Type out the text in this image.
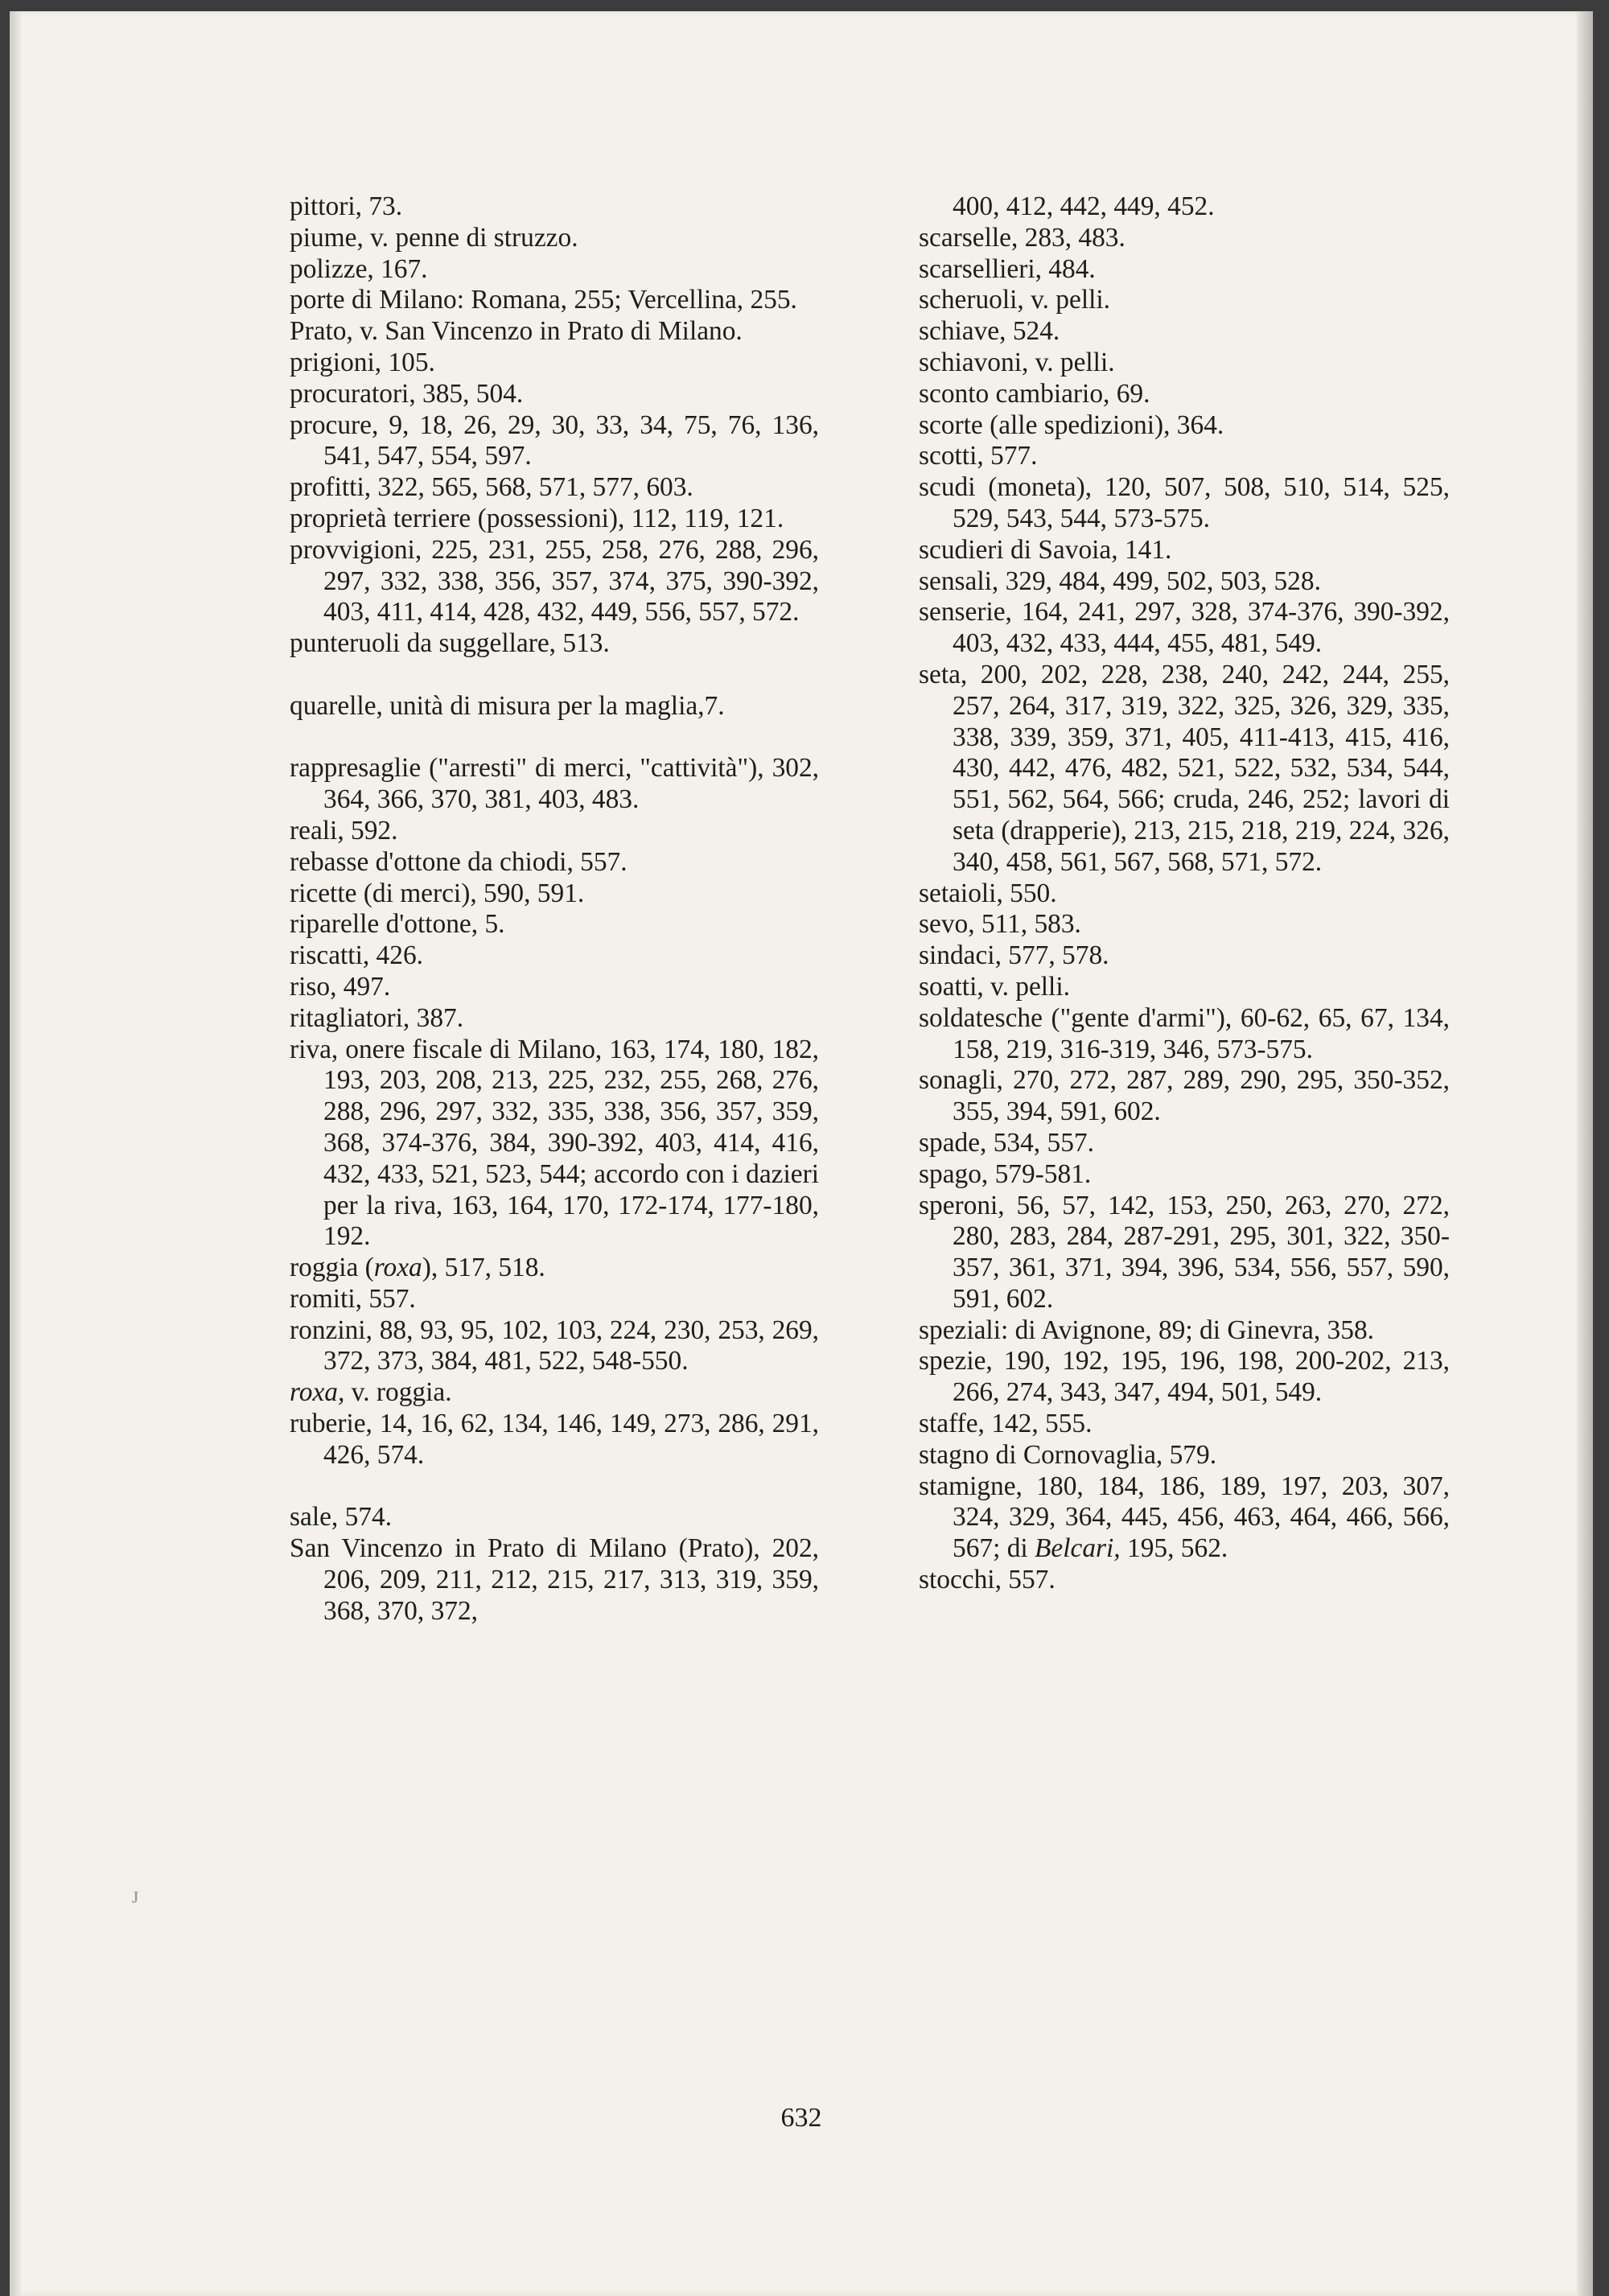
ᴊ
pittori, 73.
piume, v. penne di struzzo.
polizze, 167.
porte di Milano: Romana, 255; Vercellina, 255.
Prato, v. San Vincenzo in Prato di Milano.
prigioni, 105.
procuratori, 385, 504.
procure, 9, 18, 26, 29, 30, 33, 34, 75, 76, 136, 541, 547, 554, 597.
profitti, 322, 565, 568, 571, 577, 603.
proprietà terriere (possessioni), 112, 119, 121.
provvigioni, 225, 231, 255, 258, 276, 288, 296, 297, 332, 338, 356, 357, 374, 375, 390-392, 403, 411, 414, 428, 432, 449, 556, 557, 572.
punteruoli da suggellare, 513.
quarelle, unità di misura per la maglia,7.
rappresaglie ("arresti" di merci, "cattività"), 302, 364, 366, 370, 381, 403, 483.
reali, 592.
rebasse d'ottone da chiodi, 557.
ricette (di merci), 590, 591.
riparelle d'ottone, 5.
riscatti, 426.
riso, 497.
ritagliatori, 387.
riva, onere fiscale di Milano, 163, 174, 180, 182, 193, 203, 208, 213, 225, 232, 255, 268, 276, 288, 296, 297, 332, 335, 338, 356, 357, 359, 368, 374-376, 384, 390-392, 403, 414, 416, 432, 433, 521, 523, 544; accordo con i dazieri per la riva, 163, 164, 170, 172-174, 177-180, 192.
roggia (roxa), 517, 518.
romiti, 557.
ronzini, 88, 93, 95, 102, 103, 224, 230, 253, 269, 372, 373, 384, 481, 522, 548-550.
roxa, v. roggia.
ruberie, 14, 16, 62, 134, 146, 149, 273, 286, 291, 426, 574.
sale, 574.
San Vincenzo in Prato di Milano (Prato), 202, 206, 209, 211, 212, 215, 217, 313, 319, 359, 368, 370, 372,
400, 412, 442, 449, 452.
scarselle, 283, 483.
scarsellieri, 484.
scheruoli, v. pelli.
schiave, 524.
schiavoni, v. pelli.
sconto cambiario, 69.
scorte (alle spedizioni), 364.
scotti, 577.
scudi (moneta), 120, 507, 508, 510, 514, 525, 529, 543, 544, 573-575.
scudieri di Savoia, 141.
sensali, 329, 484, 499, 502, 503, 528.
senserie, 164, 241, 297, 328, 374-376, 390-392, 403, 432, 433, 444, 455, 481, 549.
seta, 200, 202, 228, 238, 240, 242, 244, 255, 257, 264, 317, 319, 322, 325, 326, 329, 335, 338, 339, 359, 371, 405, 411-413, 415, 416, 430, 442, 476, 482, 521, 522, 532, 534, 544, 551, 562, 564, 566; cruda, 246, 252; lavori di seta (drapperie), 213, 215, 218, 219, 224, 326, 340, 458, 561, 567, 568, 571, 572.
setaioli, 550.
sevo, 511, 583.
sindaci, 577, 578.
soatti, v. pelli.
soldatesche ("gente d'armi"), 60-62, 65, 67, 134, 158, 219, 316-319, 346, 573-575.
sonagli, 270, 272, 287, 289, 290, 295, 350-352, 355, 394, 591, 602.
spade, 534, 557.
spago, 579-581.
speroni, 56, 57, 142, 153, 250, 263, 270, 272, 280, 283, 284, 287-291, 295, 301, 322, 350-357, 361, 371, 394, 396, 534, 556, 557, 590, 591, 602.
speziali: di Avignone, 89; di Ginevra, 358.
spezie, 190, 192, 195, 196, 198, 200-202, 213, 266, 274, 343, 347, 494, 501, 549.
staffe, 142, 555.
stagno di Cornovaglia, 579.
stamigne, 180, 184, 186, 189, 197, 203, 307, 324, 329, 364, 445, 456, 463, 464, 466, 566, 567; di Belcari, 195, 562.
stocchi, 557.
632
